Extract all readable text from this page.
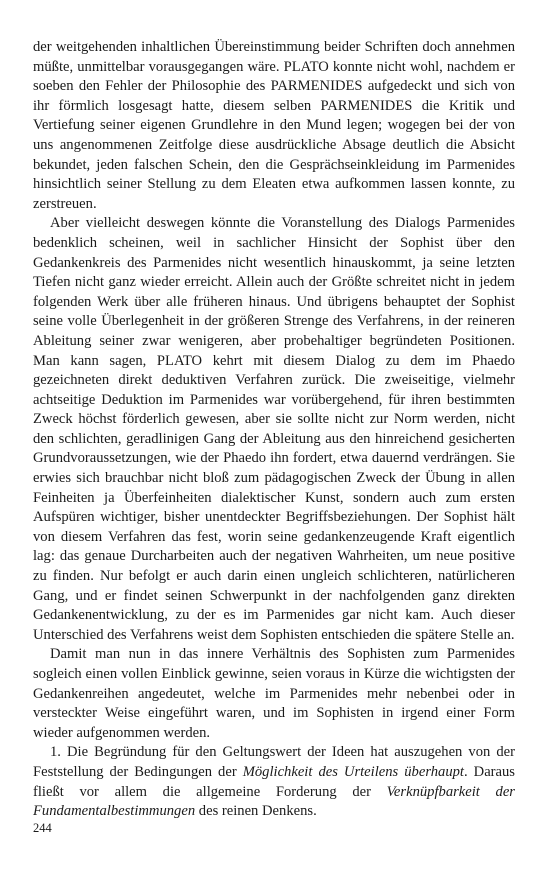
der weitgehenden inhaltlichen Übereinstimmung beider Schriften doch annehmen müßte, unmittelbar vorausgegangen wäre. PLATO konnte nicht wohl, nachdem er soeben den Fehler der Philosophie des PARMENIDES aufgedeckt und sich von ihr förmlich losgesagt hatte, diesem selben PARMENIDES die Kritik und Vertiefung seiner eigenen Grundlehre in den Mund legen; wogegen bei der von uns angenommenen Zeitfolge diese ausdrückliche Absage deutlich die Absicht bekundet, jeden falschen Schein, den die Gesprächseinkleidung im Parmenides hinsichtlich seiner Stellung zu dem Eleaten etwa aufkommen lassen konnte, zu zerstreuen.

Aber vielleicht deswegen könnte die Voranstellung des Dialogs Parmenides bedenklich scheinen, weil in sachlicher Hinsicht der Sophist über den Gedankenkreis des Parmenides nicht wesentlich hinauskommt, ja seine letzten Tiefen nicht ganz wieder erreicht. Allein auch der Größte schreitet nicht in jedem folgenden Werk über alle früheren hinaus. Und übrigens behauptet der Sophist seine volle Überlegenheit in der größeren Strenge des Verfahrens, in der reineren Ableitung seiner zwar wenigeren, aber probehaltiger begründeten Positionen. Man kann sagen, PLATO kehrt mit diesem Dialog zu dem im Phaedo gezeichneten direkt deduktiven Verfahren zurück. Die zweiseitige, vielmehr achtseitige Deduktion im Parmenides war vorübergehend, für ihren bestimmten Zweck höchst förderlich gewesen, aber sie sollte nicht zur Norm werden, nicht den schlichten, geradlinigen Gang der Ableitung aus den hinreichend gesicherten Grundvoraussetzungen, wie der Phaedo ihn fordert, etwa dauernd verdrängen. Sie erwies sich brauchbar nicht bloß zum pädagogischen Zweck der Übung in allen Feinheiten ja Überfeinheiten dialektischer Kunst, sondern auch zum ersten Aufspüren wichtiger, bisher unentdeckter Begriffsbeziehungen. Der Sophist hält von diesem Verfahren das fest, worin seine gedankenzeugende Kraft eigentlich lag: das genaue Durcharbeiten auch der negativen Wahrheiten, um neue positive zu finden. Nur befolgt er auch darin einen ungleich schlichteren, natürlicheren Gang, und er findet seinen Schwerpunkt in der nachfolgenden ganz direkten Gedankenentwicklung, zu der es im Parmenides gar nicht kam. Auch dieser Unterschied des Verfahrens weist dem Sophisten entschieden die spätere Stelle an.

Damit man nun in das innere Verhältnis des Sophisten zum Parmenides sogleich einen vollen Einblick gewinne, seien voraus in Kürze die wichtigsten der Gedankenreihen angedeutet, welche im Parmenides mehr nebenbei oder in versteckter Weise eingeführt waren, und im Sophisten in irgend einer Form wieder aufgenommen werden.

1. Die Begründung für den Geltungswert der Ideen hat auszugehen von der Feststellung der Bedingungen der Möglichkeit des Urteilens überhaupt. Daraus fließt vor allem die allgemeine Forderung der Verknüpfbarkeit der Fundamentalbestimmungen des reinen Denkens.

244
